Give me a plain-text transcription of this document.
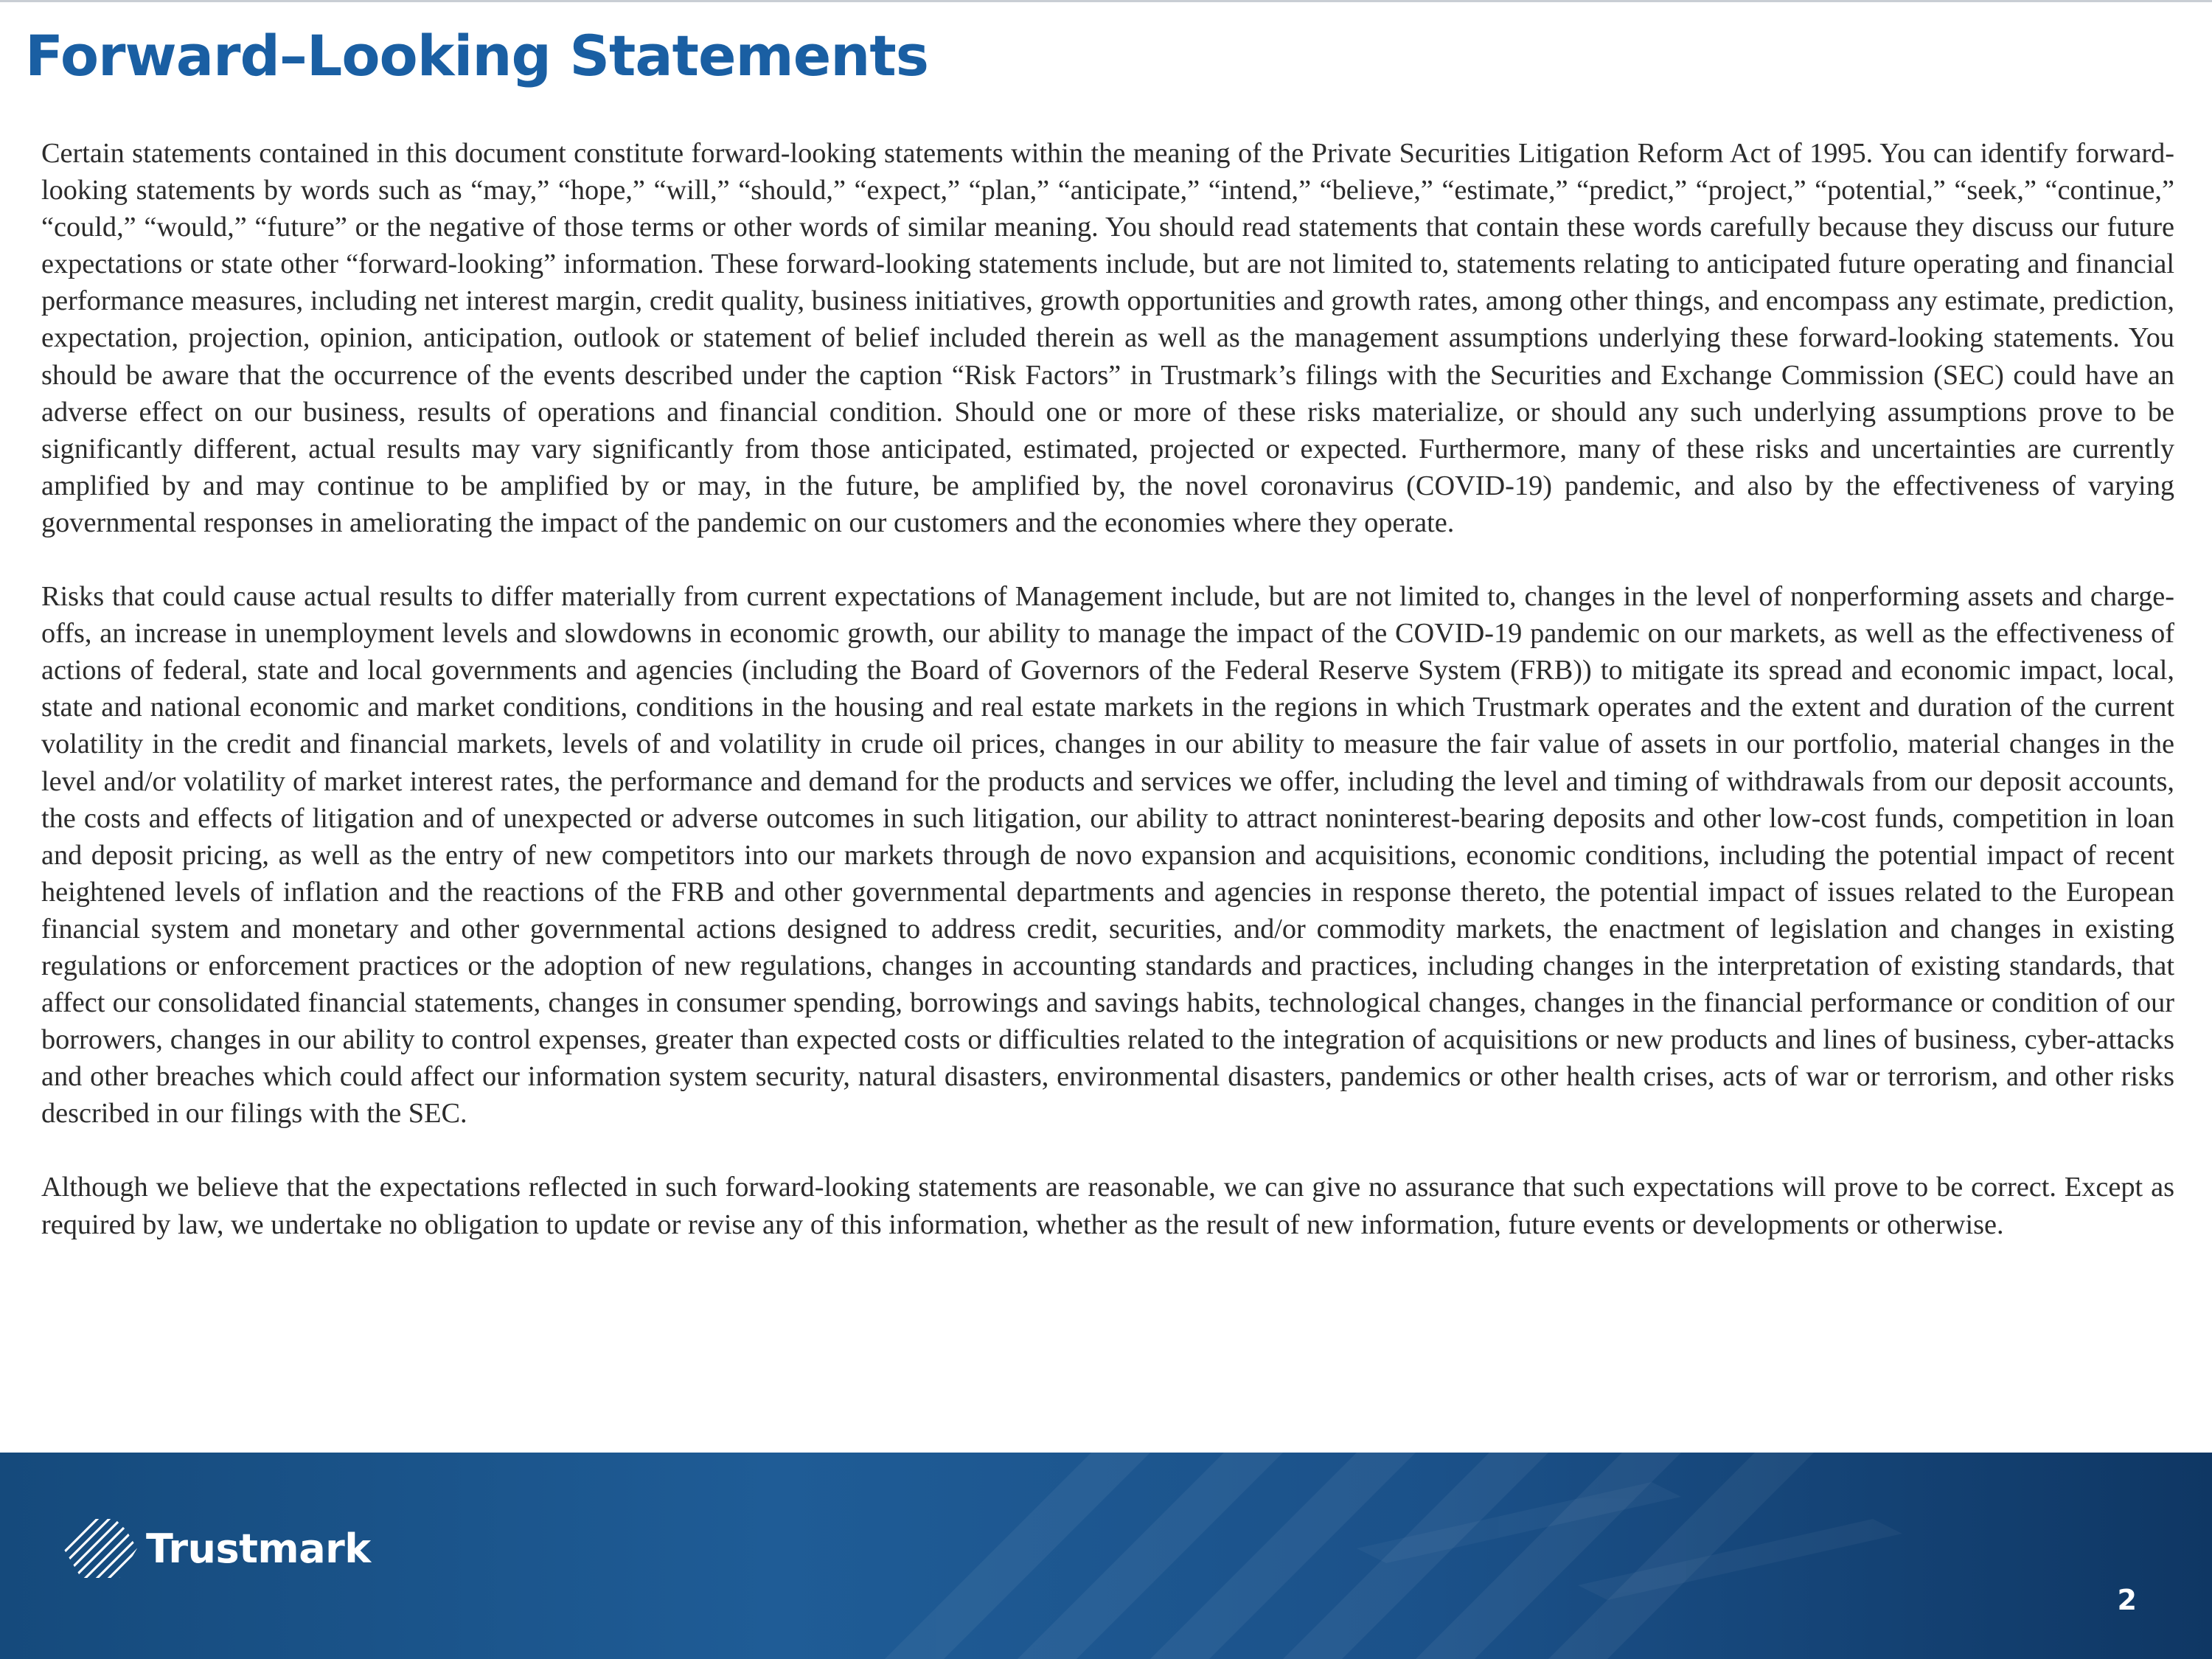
Forward–Looking Statements

Certain statements contained in this document constitute forward-looking statements within the meaning of the Private Securities Litigation Reform Act of 1995. You can identify forward-looking statements by words such as “may,” “hope,” “will,” “should,” “expect,” “plan,” “anticipate,” “intend,” “believe,” “estimate,” “predict,” “project,” “potential,” “seek,” “continue,” “could,” “would,” “future” or the negative of those terms or other words of similar meaning. You should read statements that contain these words carefully because they discuss our future expectations or state other “forward-looking” information. These forward-looking statements include, but are not limited to, statements relating to anticipated future operating and financial performance measures, including net interest margin, credit quality, business initiatives, growth opportunities and growth rates, among other things, and encompass any estimate, prediction, expectation, projection, opinion, anticipation, outlook or statement of belief included therein as well as the management assumptions underlying these forward-looking statements. You should be aware that the occurrence of the events described under the caption “Risk Factors” in Trustmark’s filings with the Securities and Exchange Commission (SEC) could have an adverse effect on our business, results of operations and financial condition. Should one or more of these risks materialize, or should any such underlying assumptions prove to be significantly different, actual results may vary significantly from those anticipated, estimated, projected or expected. Furthermore, many of these risks and uncertainties are currently amplified by and may continue to be amplified by or may, in the future, be amplified by, the novel coronavirus (COVID-19) pandemic, and also by the effectiveness of varying governmental responses in ameliorating the impact of the pandemic on our customers and the economies where they operate.

Risks that could cause actual results to differ materially from current expectations of Management include, but are not limited to, changes in the level of nonperforming assets and charge-offs, an increase in unemployment levels and slowdowns in economic growth, our ability to manage the impact of the COVID-19 pandemic on our markets, as well as the effectiveness of actions of federal, state and local governments and agencies (including the Board of Governors of the Federal Reserve System (FRB)) to mitigate its spread and economic impact, local, state and national economic and market conditions, conditions in the housing and real estate markets in the regions in which Trustmark operates and the extent and duration of the current volatility in the credit and financial markets, levels of and volatility in crude oil prices, changes in our ability to measure the fair value of assets in our portfolio, material changes in the level and/or volatility of market interest rates, the performance and demand for the products and services we offer, including the level and timing of withdrawals from our deposit accounts, the costs and effects of litigation and of unexpected or adverse outcomes in such litigation, our ability to attract noninterest-bearing deposits and other low-cost funds, competition in loan and deposit pricing, as well as the entry of new competitors into our markets through de novo expansion and acquisitions, economic conditions, including the potential impact of recent heightened levels of inflation and the reactions of the FRB and other governmental departments and agencies in response thereto, the potential impact of issues related to the European financial system and monetary and other governmental actions designed to address credit, securities, and/or commodity markets, the enactment of legislation and changes in existing regulations or enforcement practices or the adoption of new regulations, changes in accounting standards and practices, including changes in the interpretation of existing standards, that affect our consolidated financial statements, changes in consumer spending, borrowings and savings habits, technological changes, changes in the financial performance or condition of our borrowers, changes in our ability to control expenses, greater than expected costs or difficulties related to the integration of acquisitions or new products and lines of business, cyber-attacks and other breaches which could affect our information system security, natural disasters, environmental disasters, pandemics or other health crises, acts of war or terrorism, and other risks described in our filings with the SEC.

Although we believe that the expectations reflected in such forward-looking statements are reasonable, we can give no assurance that such expectations will prove to be correct. Except as required by law, we undertake no obligation to update or revise any of this information, whether as the result of new information, future events or developments or otherwise.

Trustmark
2
